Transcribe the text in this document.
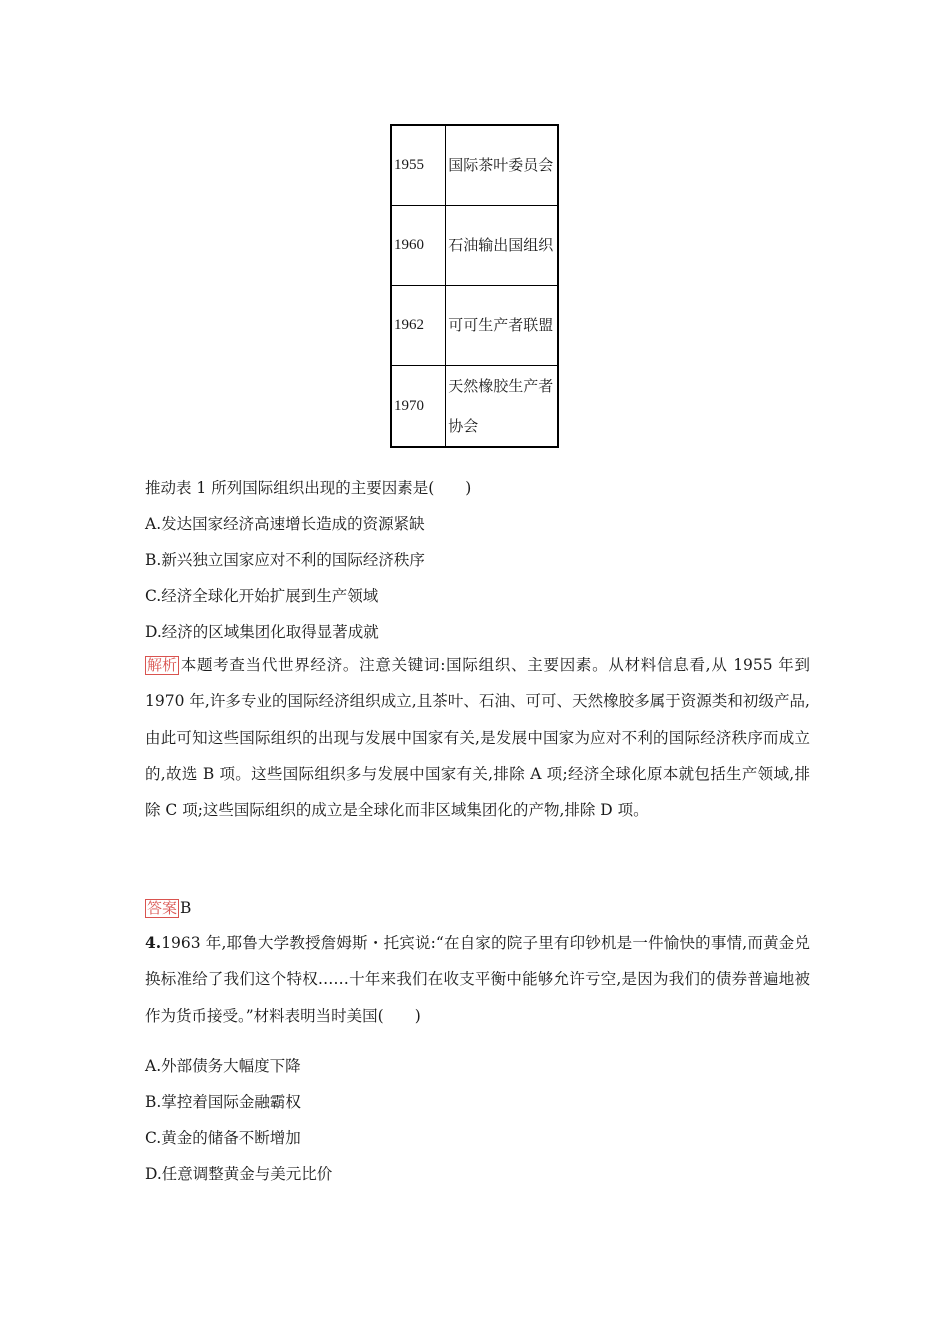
1955	国际茶叶委员会
1960	石油输出国组织
1962	可可生产者联盟
1970	天然橡胶生产者协会
推动表 1 所列国际组织出现的主要因素是(　　)
A.发达国家经济高速增长造成的资源紧缺
B.新兴独立国家应对不利的国际经济秩序
C.经济全球化开始扩展到生产领域
D.经济的区域集团化取得显著成就
解析 本题考查当代世界经济。注意关键词:国际组织、主要因素。从材料信息看,从 1955 年到 1970 年,许多专业的国际经济组织成立,且茶叶、石油、可可、天然橡胶多属于资源类和初级产品,由此可知这些国际组织的出现与发展中国家有关,是发展中国家为应对不利的国际经济秩序而成立的,故选 B 项。这些国际组织多与发展中国家有关,排除 A 项;经济全球化原本就包括生产领域,排除 C 项;这些国际组织的成立是全球化而非区域集团化的产物,排除 D 项。
答案 B
4.1963 年,耶鲁大学教授詹姆斯・托宾说:“在自家的院子里有印钞机是一件愉快的事情,而黄金兑换标准给了我们这个特权……十年来我们在收支平衡中能够允许亏空,是因为我们的债券普遍地被作为货币接受。”材料表明当时美国(　　)
A.外部债务大幅度下降
B.掌控着国际金融霸权
C.黄金的储备不断增加
D.任意调整黄金与美元比价
